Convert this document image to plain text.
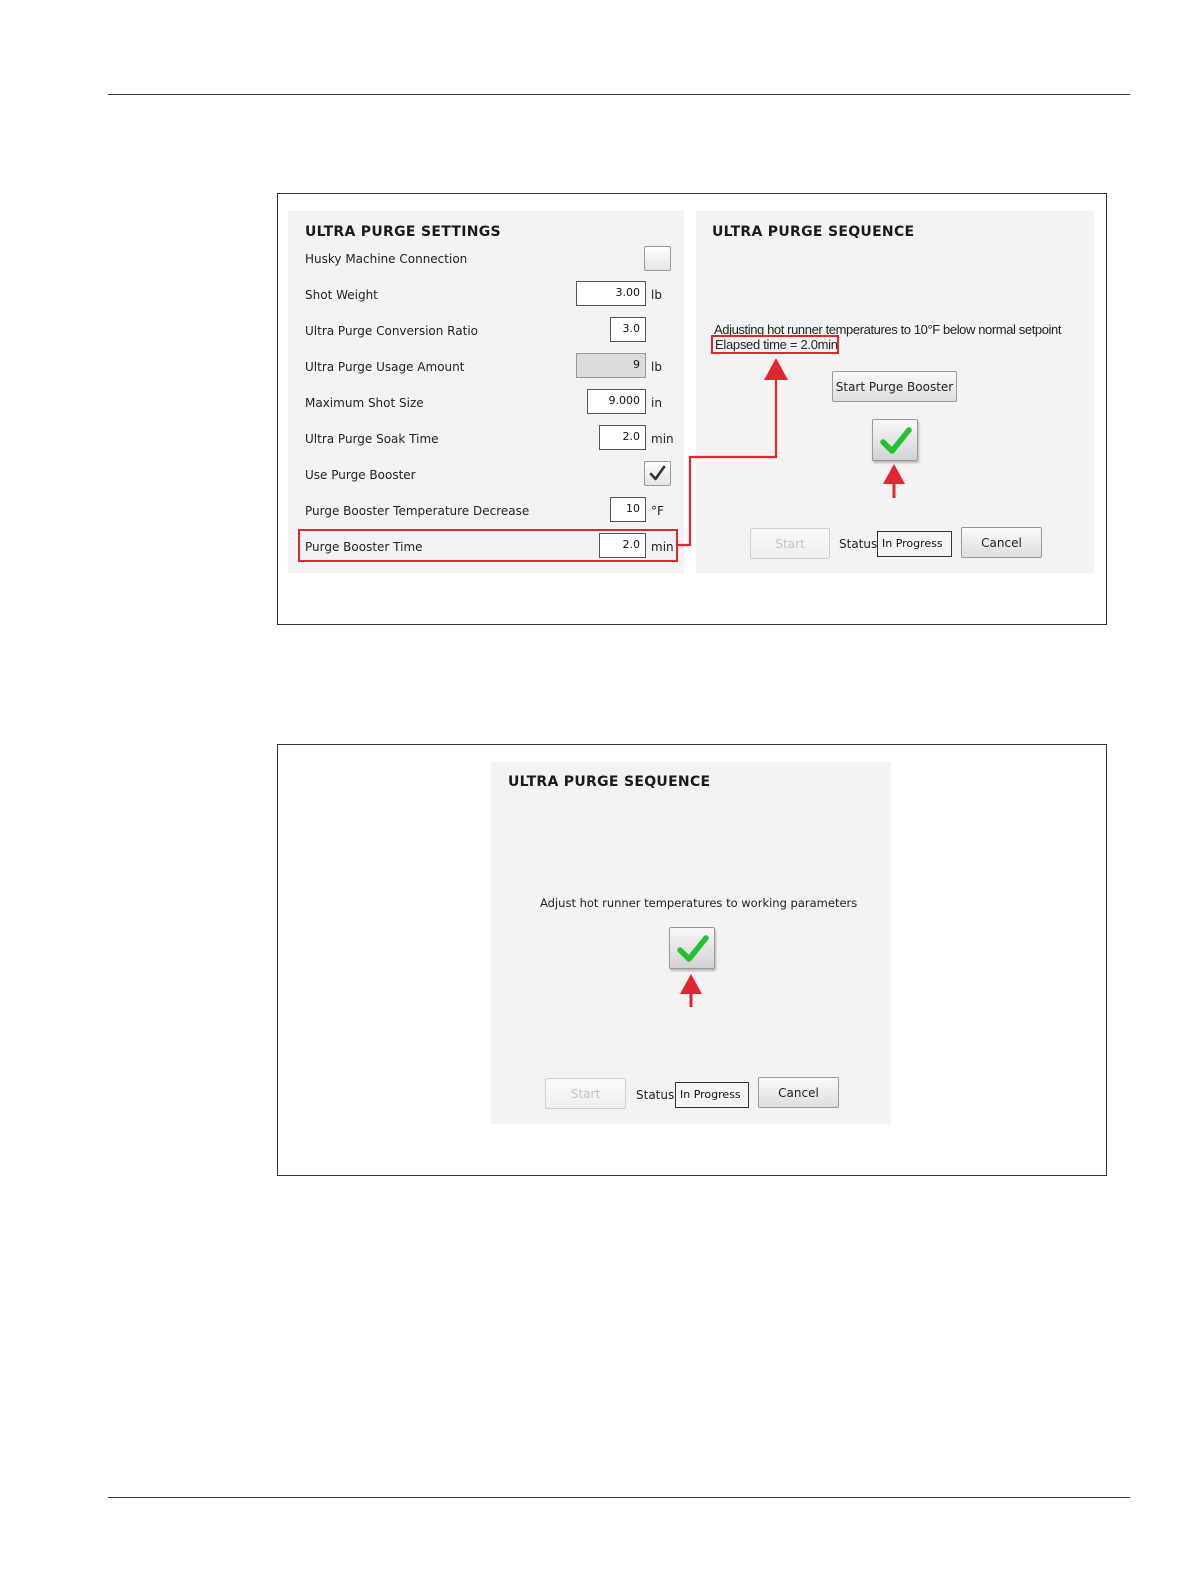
ULTRA PURGE SETTINGS
Husky Machine Connection
Shot Weight	3.00 lb
Ultra Purge Conversion Ratio	3.0
Ultra Purge Usage Amount	9 lb
Maximum Shot Size	9.000 in
Ultra Purge Soak Time	2.0 min
Use Purge Booster
Purge Booster Temperature Decrease	10 °F
Purge Booster Time	2.0 min
ULTRA PURGE SEQUENCE
Adjusting hot runner temperatures to 10°F below normal setpoint
Elapsed time = 2.0min
Start Purge Booster
Start	Status In Progress	Cancel
ULTRA PURGE SEQUENCE
Adjust hot runner temperatures to working parameters
Start	Status In Progress	Cancel
